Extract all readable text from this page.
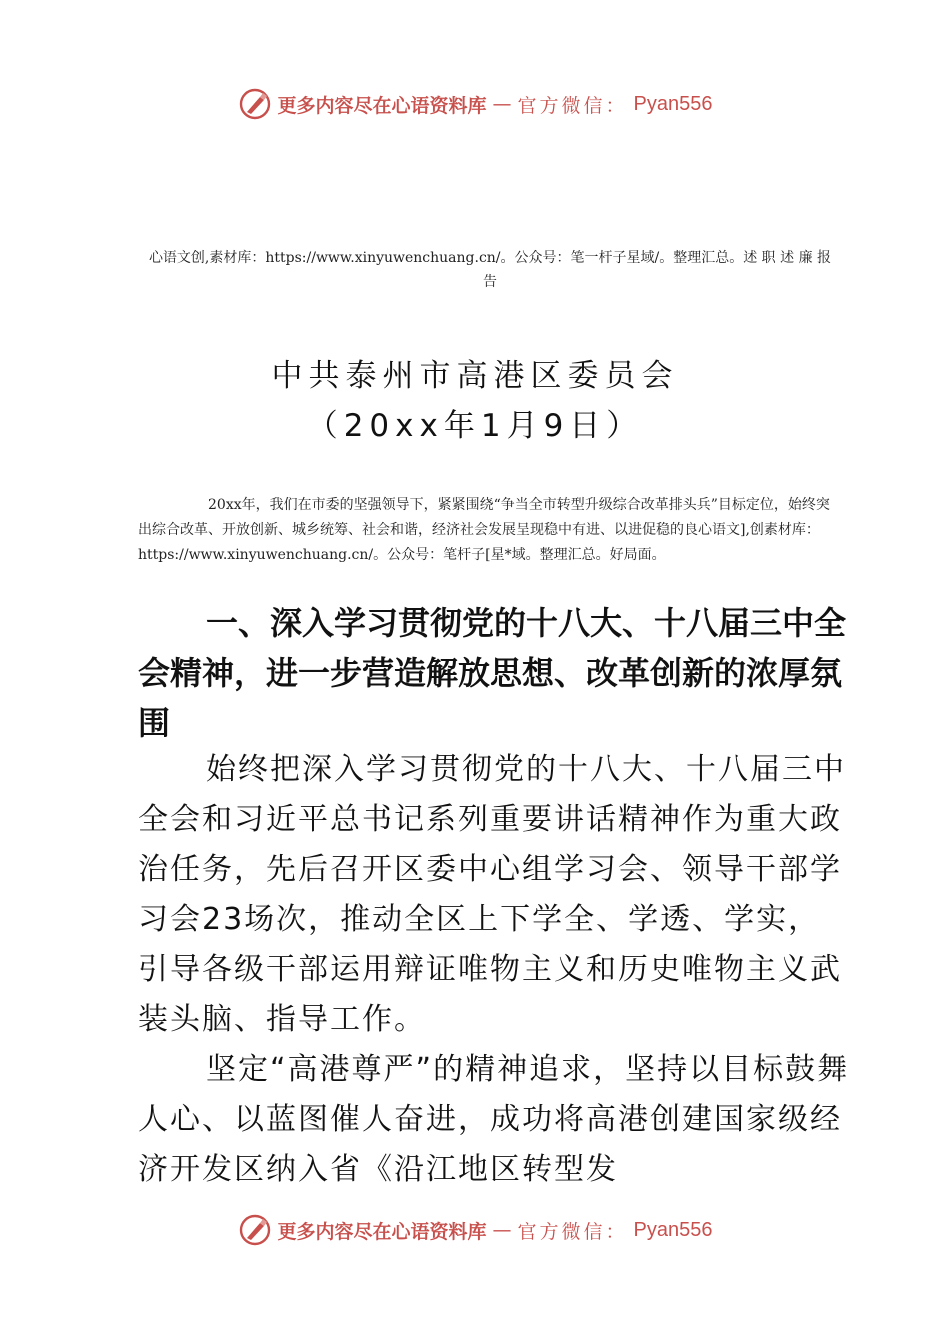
更多内容尽在心语资料库 — 官方微信： Pyan556
心语文创,素材库：https://www.xinyuwenchuang.cn/。公众号：笔一杆子星域/。整理汇总。述 职 述 廉 报 告
中共泰州市高港区委员会
（20xx年1月9日）

20xx年，我们在市委的坚强领导下，紧紧围绕“争当全市转型升级综合改革排头兵”目标定位，始终突出综合改革、开放创新、城乡统筹、社会和谐，经济社会发展呈现稳中有进、以进促稳的良心语文],创素材库：https://www.xinyuwenchuang.cn/。公众号：笔杆子[星*域。整理汇总。好局面。

一、深入学习贯彻党的十八大、十八届三中全会精神，进一步营造解放思想、改革创新的浓厚氛围

始终把深入学习贯彻党的十八大、十八届三中全会和习近平总书记系列重要讲话精神作为重大政治任务，先后召开区委中心组学习会、领导干部学习会23场次，推动全区上下学全、学透、学实，引导各级干部运用辩证唯物主义和历史唯物主义武装头脑、指导工作。

坚定“高港尊严”的精神追求，坚持以目标鼓舞人心、以蓝图催人奋进，成功将高港创建国家级经济开发区纳入省《沿江地区转型发

更多内容尽在心语资料库 — 官方微信： Pyan556
